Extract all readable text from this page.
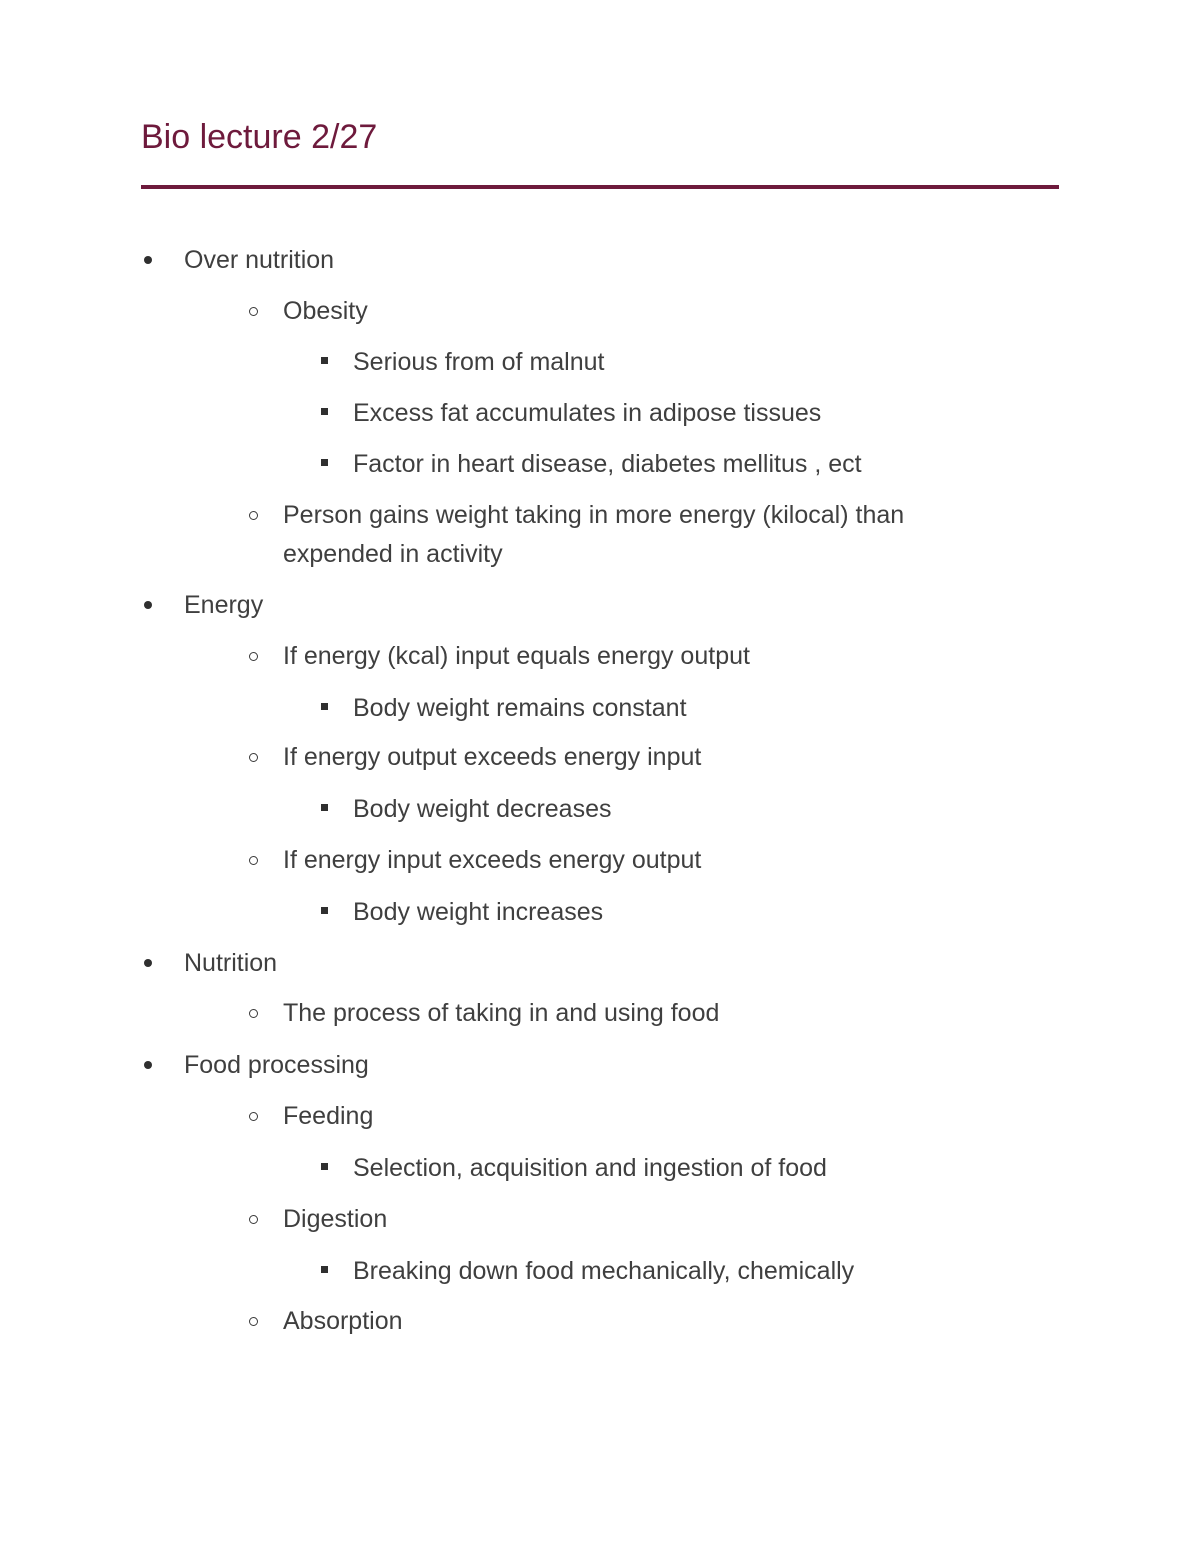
Bio lecture 2/27
Over nutrition
Obesity
Serious from of malnut
Excess fat accumulates in adipose tissues
Factor in heart disease, diabetes mellitus , ect
Person gains weight taking in more energy (kilocal) than expended in activity
Energy
If energy (kcal) input equals energy output
Body weight remains constant
If energy output exceeds energy input
Body weight decreases
If energy input exceeds energy output
Body weight increases
Nutrition
The process of taking in and using food
Food processing
Feeding
Selection, acquisition and ingestion of food
Digestion
Breaking down food mechanically, chemically
Absorption
